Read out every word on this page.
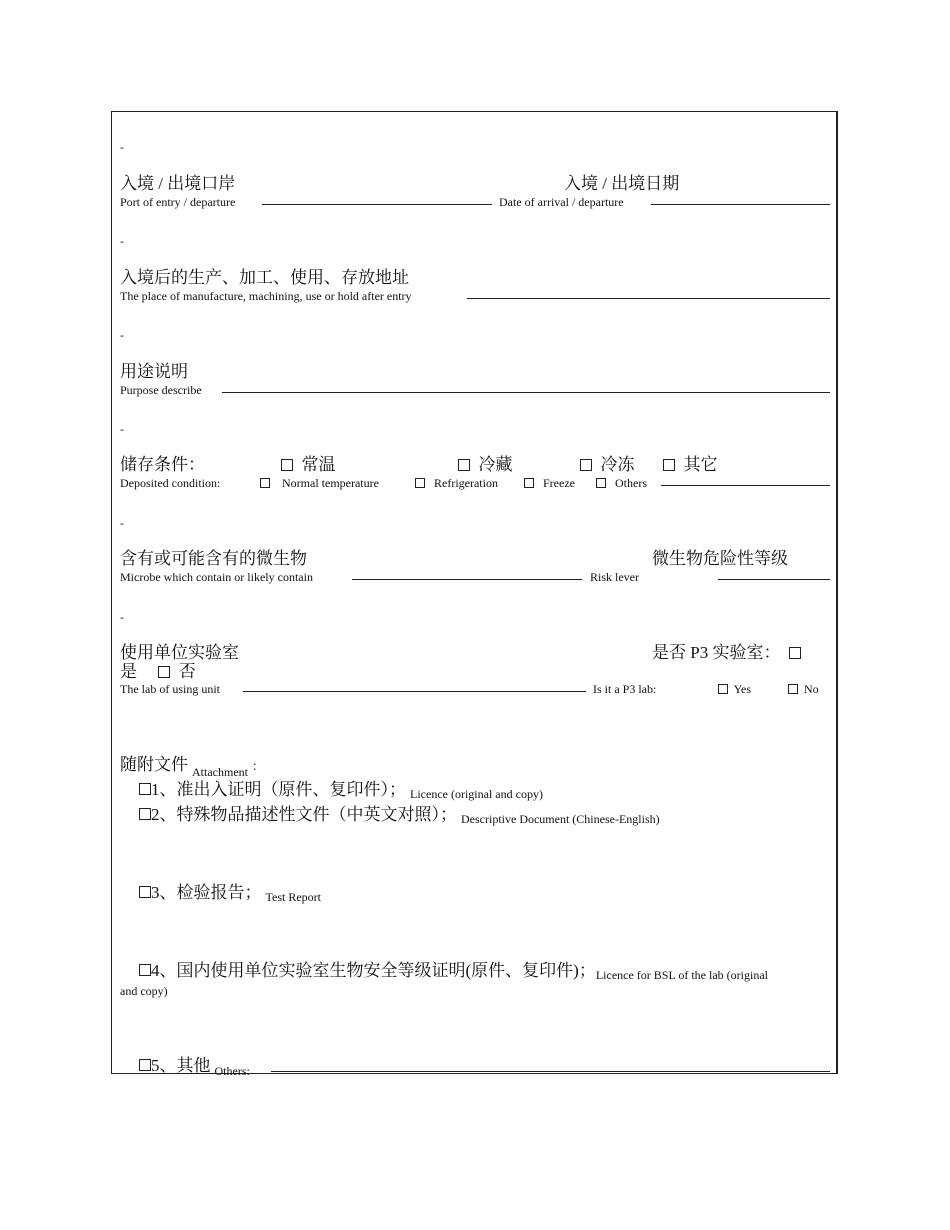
-
入境 / 出境口岸	入境 / 出境日期
Port of entry / departure	Date of arrival / departure
-
入境后的生产、加工、使用、存放地址
The place of manufacture, machining, use or hold after entry
-
用途说明
Purpose describe
-
储存条件：	常温	冷藏	冷冻	其它
Deposited condition:	Normal temperature	Refrigeration	Freeze	Others
-
含有或可能含有的微生物	微生物危险性等级
Microbe which contain or likely contain	Risk lever
-
使用单位实验室	是否 P3 实验室：
是 否
The lab of using unit	Is it a P3 lab:	Yes	No
随附文件 $_{Attachment}$ ：
1、准出入证明（原件、复印件）； Licence (original and copy)
2、特殊物品描述性文件（中英文对照）； Descriptive Document (Chinese-English)
3、检验报告； Test Report
4、国内使用单位实验室生物安全等级证明(原件、复印件)；Licence for BSL of the lab (original
and copy)
5、其他 $_{Others:}$
